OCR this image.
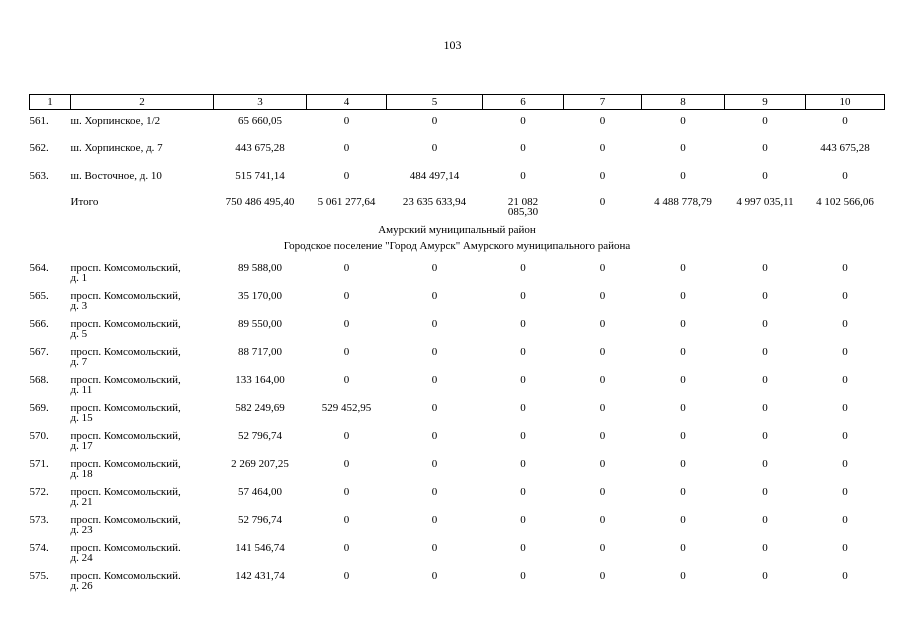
103
1	2	3	4	5	6	7	8	9	10
561.	ш. Хорпинское, 1/2	65 660,05	0	0	0	0	0	0	0
562.	ш. Хорпинское, д. 7	443 675,28	0	0	0	0	0	0	443 675,28
563.	ш. Восточное, д. 10	515 741,14	0	484 497,14	0	0	0	0	0
	Итого	750 486 495,40	5 061 277,64	23 635 633,94	21 082
085,30	0	4 488 778,79	4 997 035,11	4 102 566,06
Амурский муниципальный район									
Городское поселение "Город Амурск" Амурского муниципального района									

564.	просп. Комсомольский,
д. 1	89 588,00	0	0	0	0	0	0	0
565.	просп. Комсомольский,
д. 3	35 170,00	0	0	0	0	0	0	0
566.	просп. Комсомольский,
д. 5	89 550,00	0	0	0	0	0	0	0
567.	просп. Комсомольский,
д. 7	88 717,00	0	0	0	0	0	0	0
568.	просп. Комсомольский,
д. 11	133 164,00	0	0	0	0	0	0	0
569.	просп. Комсомольский,
д. 15	582 249,69	529 452,95	0	0	0	0	0	0
570.	просп. Комсомольский,
д. 17	52 796,74	0	0	0	0	0	0	0
571.	просп. Комсомольский,
д. 18	2 269 207,25	0	0	0	0	0	0	0
572.	просп. Комсомольский,
д. 21	57 464,00	0	0	0	0	0	0	0
573.	просп. Комсомольский,
д. 23	52 796,74	0	0	0	0	0	0	0
574.	просп. Комсомольский.
д. 24	141 546,74	0	0	0	0	0	0	0
575.	просп. Комсомольский.
д. 26	142 431,74	0	0	0	0	0	0	0
